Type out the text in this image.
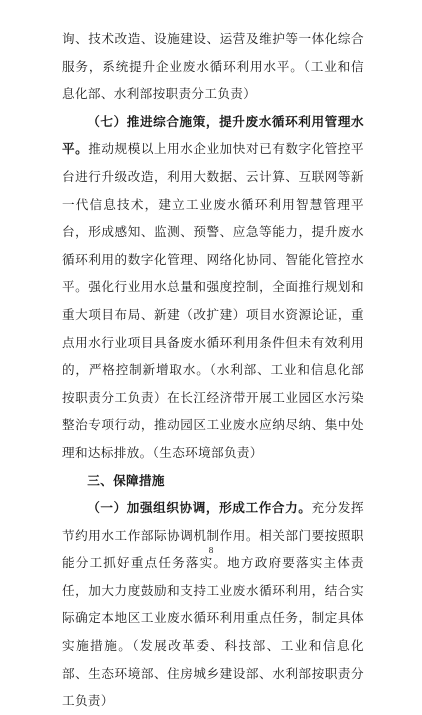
询、技术改造、设施建设、运营及维护等一体化综合服务，系统提升企业废水循环利用水平。（工业和信息化部、水利部按职责分工负责）

（七）推进综合施策，提升废水循环利用管理水平。推动规模以上用水企业加快对已有数字化管控平台进行升级改造，利用大数据、云计算、互联网等新一代信息技术，建立工业废水循环利用智慧管理平台，形成感知、监测、预警、应急等能力，提升废水循环利用的数字化管理、网络化协同、智能化管控水平。强化行业用水总量和强度控制，全面推行规划和重大项目布局、新建（改扩建）项目水资源论证，重点用水行业项目具备废水循环利用条件但未有效利用的，严格控制新增取水。（水利部、工业和信息化部按职责分工负责）在长江经济带开展工业园区水污染整治专项行动，推动园区工业废水应纳尽纳、集中处理和达标排放。（生态环境部负责）

三、保障措施

（一）加强组织协调，形成工作合力。充分发挥节约用水工作部际协调机制作用。相关部门要按照职能分工抓好重点任务落实。地方政府要落实主体责任，加大力度鼓励和支持工业废水循环利用，结合实际确定本地区工业废水循环利用重点任务，制定具体实施措施。（发展改革委、科技部、工业和信息化部、生态环境部、住房城乡建设部、水利部按职责分工负责）

8
